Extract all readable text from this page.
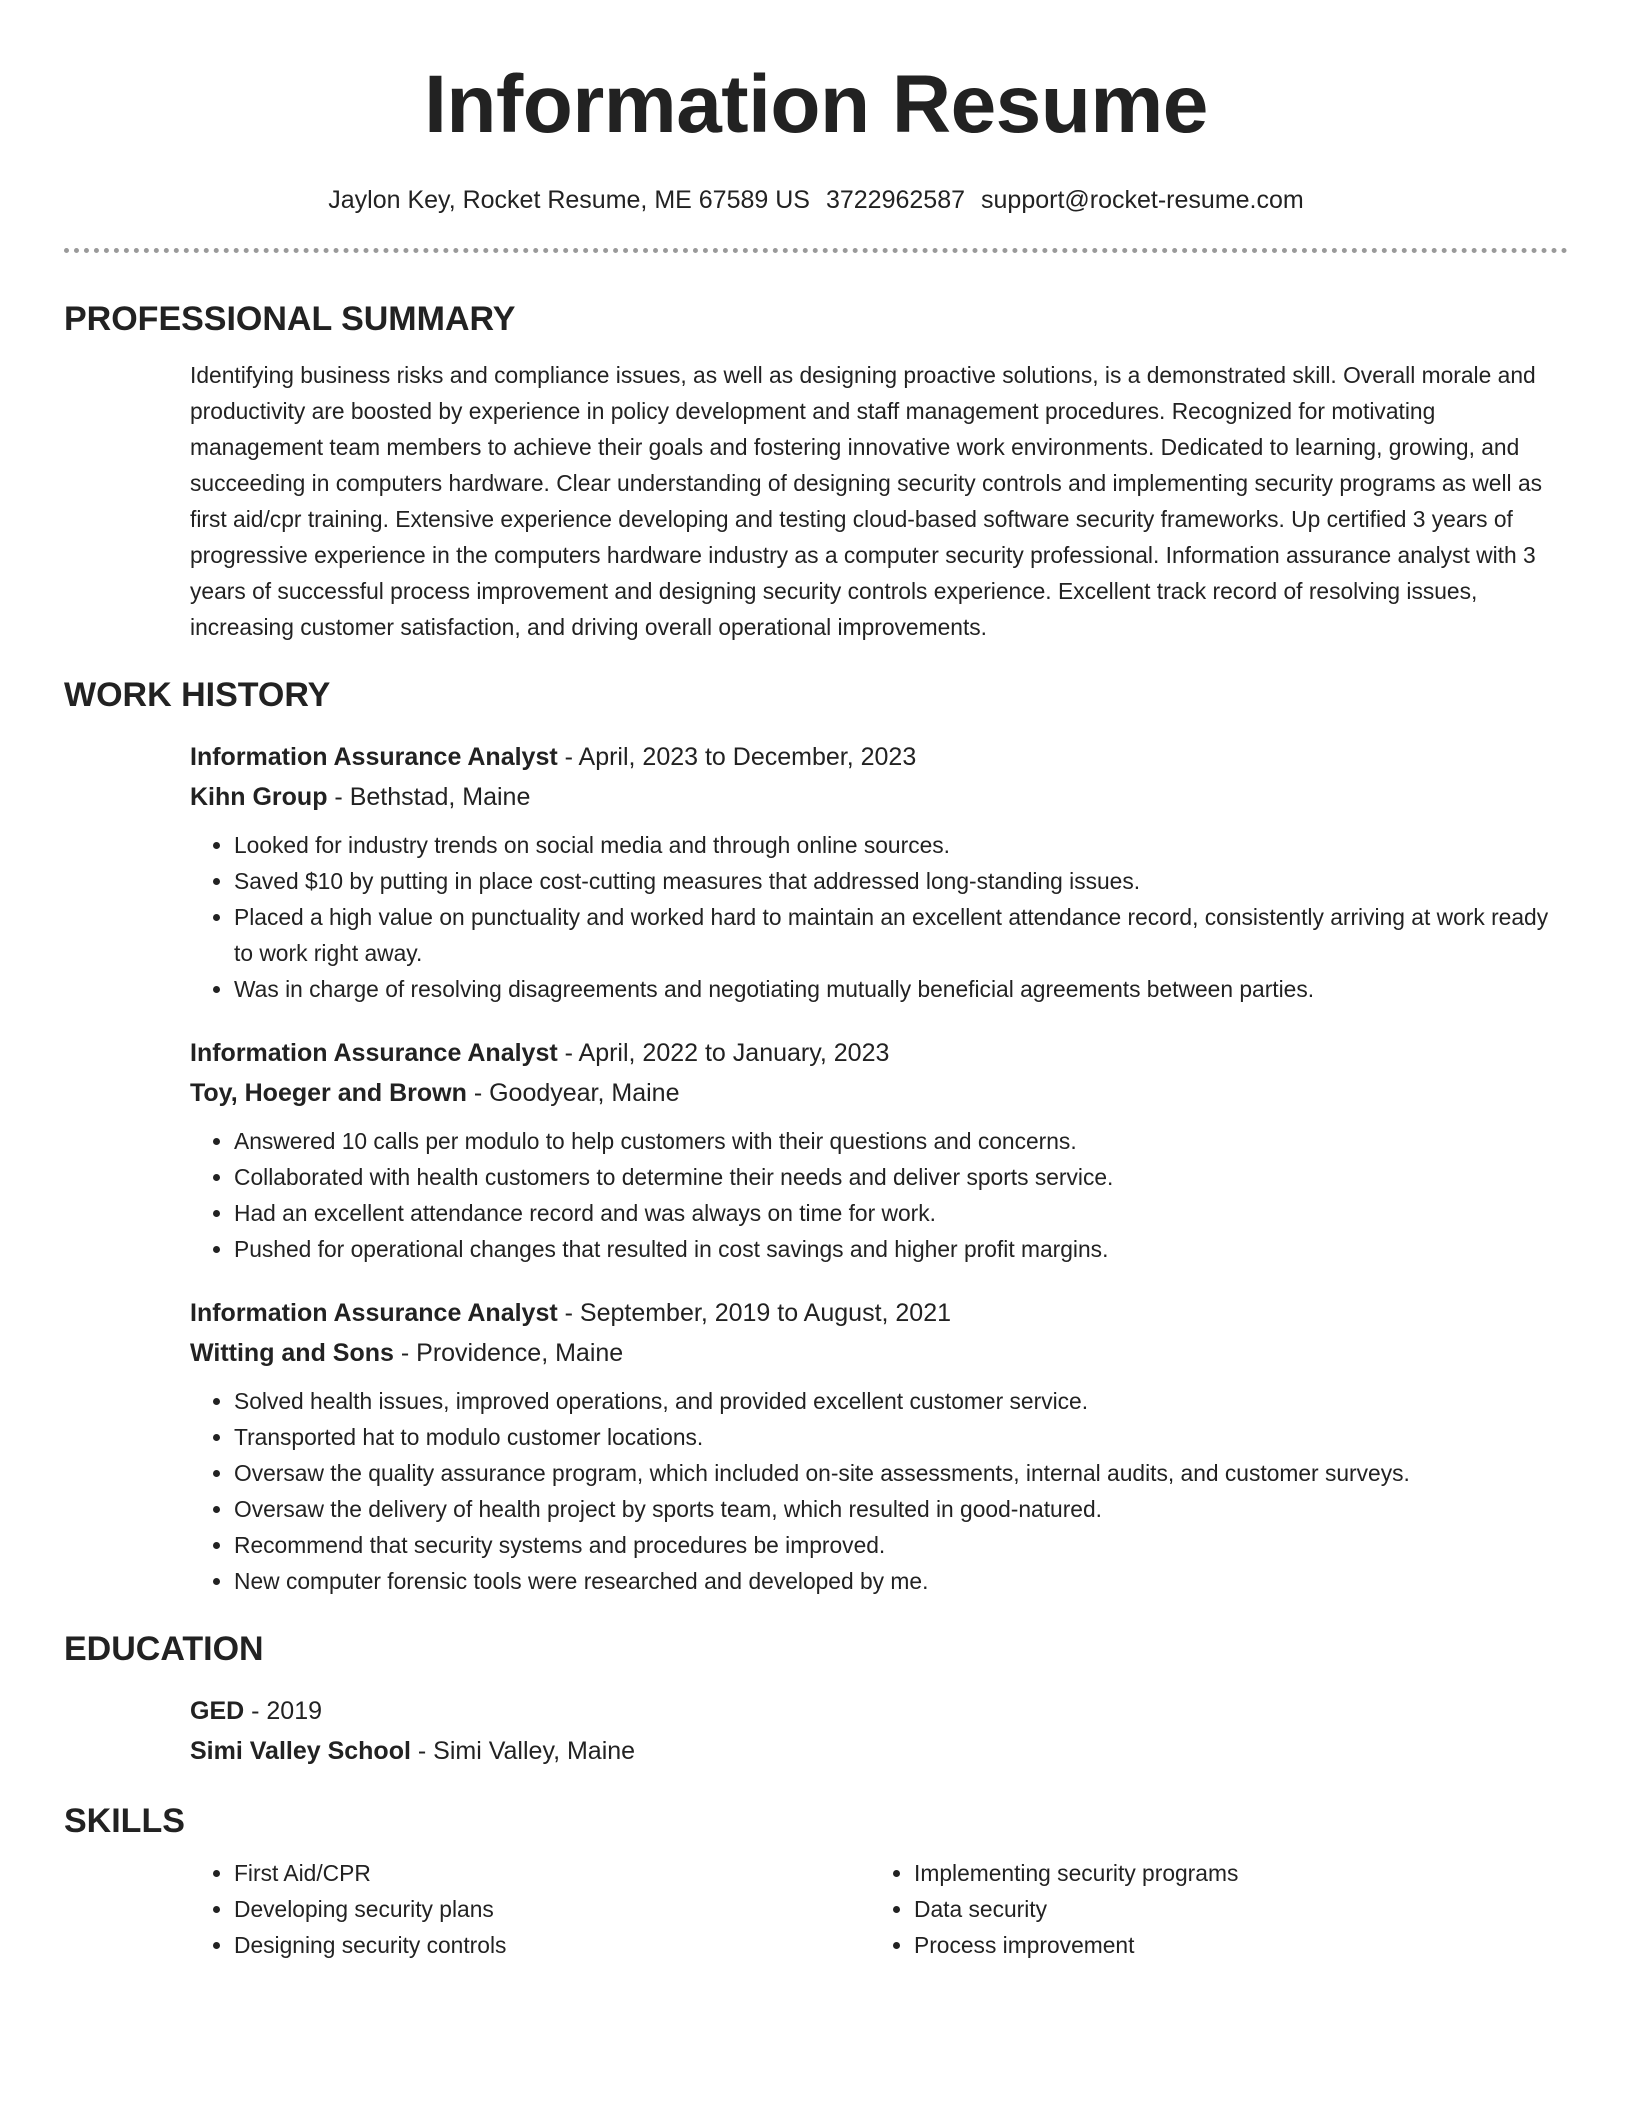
Information Resume
Jaylon Key, Rocket Resume, ME 67589 US 3722962587 support@rocket-resume.com
PROFESSIONAL SUMMARY

Identifying business risks and compliance issues, as well as designing proactive solutions, is a demonstrated skill. Overall morale and productivity are boosted by experience in policy development and staff management procedures. Recognized for motivating management team members to achieve their goals and fostering innovative work environments. Dedicated to learning, growing, and succeeding in computers hardware. Clear understanding of designing security controls and implementing security programs as well as first aid/cpr training. Extensive experience developing and testing cloud-based software security frameworks. Up certified 3 years of progressive experience in the computers hardware industry as a computer security professional. Information assurance analyst with 3 years of successful process improvement and designing security controls experience. Excellent track record of resolving issues, increasing customer satisfaction, and driving overall operational improvements.

WORK HISTORY
Information Assurance Analyst - April, 2023 to December, 2023
Kihn Group - Bethstad, Maine
• Looked for industry trends on social media and through online sources.
• Saved $10 by putting in place cost-cutting measures that addressed long-standing issues.
• Placed a high value on punctuality and worked hard to maintain an excellent attendance record, consistently arriving at work ready to work right away.
• Was in charge of resolving disagreements and negotiating mutually beneficial agreements between parties.
Information Assurance Analyst - April, 2022 to January, 2023
Toy, Hoeger and Brown - Goodyear, Maine
• Answered 10 calls per modulo to help customers with their questions and concerns.
• Collaborated with health customers to determine their needs and deliver sports service.
• Had an excellent attendance record and was always on time for work.
• Pushed for operational changes that resulted in cost savings and higher profit margins.
Information Assurance Analyst - September, 2019 to August, 2021
Witting and Sons - Providence, Maine
• Solved health issues, improved operations, and provided excellent customer service.
• Transported hat to modulo customer locations.
• Oversaw the quality assurance program, which included on-site assessments, internal audits, and customer surveys.
• Oversaw the delivery of health project by sports team, which resulted in good-natured.
• Recommend that security systems and procedures be improved.
• New computer forensic tools were researched and developed by me.
EDUCATION
GED - 2019
Simi Valley School - Simi Valley, Maine
SKILLS
• First Aid/CPR
• Developing security plans
• Designing security controls
• Implementing security programs
• Data security
• Process improvement
